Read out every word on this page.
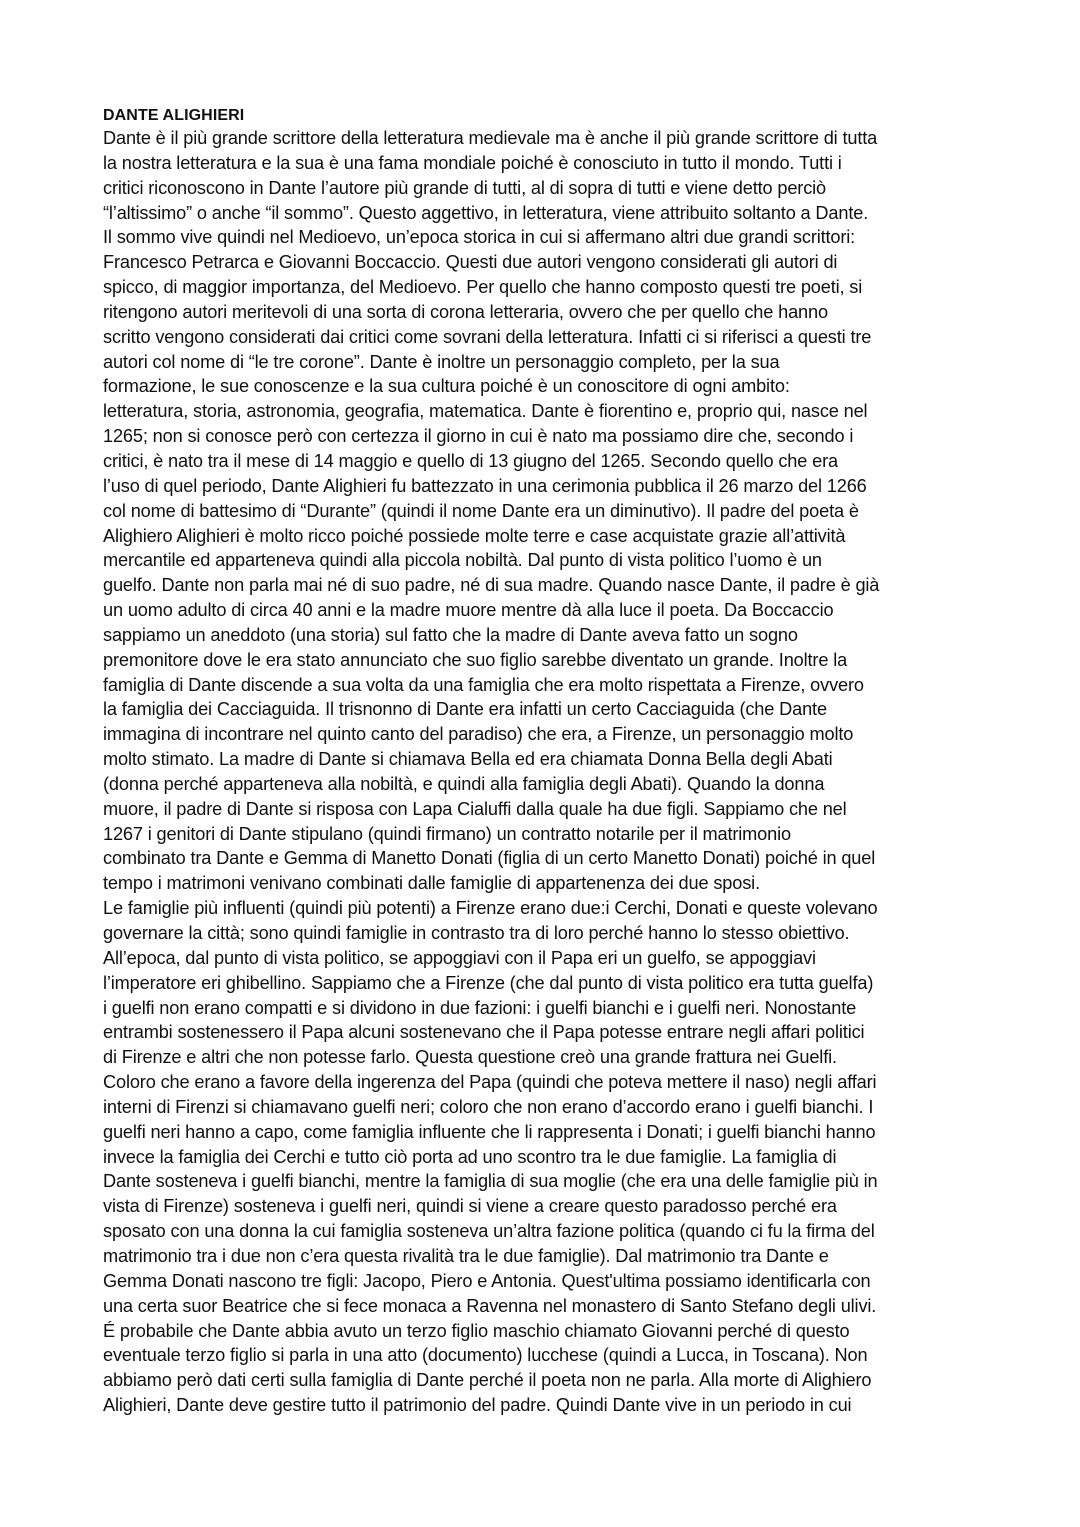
DANTE ALIGHIERI
Dante è il più grande scrittore della letteratura medievale ma è anche il più grande scrittore di tutta
la nostra letteratura e la sua è una fama mondiale poiché è conosciuto in tutto il mondo. Tutti i
critici riconoscono in Dante l’autore più grande di tutti, al di sopra di tutti e viene detto perciò
“l’altissimo” o anche “il sommo”. Questo aggettivo, in letteratura, viene attribuito soltanto a Dante.
Il sommo vive quindi nel Medioevo, un’epoca storica in cui si affermano altri due grandi scrittori:
Francesco Petrarca e Giovanni Boccaccio. Questi due autori vengono considerati gli autori di
spicco, di maggior importanza, del Medioevo. Per quello che hanno composto questi tre poeti, si
ritengono autori meritevoli di una sorta di corona letteraria, ovvero che per quello che hanno
scritto vengono considerati dai critici come sovrani della letteratura. Infatti ci si riferisci a questi tre
autori col nome di “le tre corone”. Dante è inoltre un personaggio completo, per la sua
formazione, le sue conoscenze e la sua cultura poiché è un conoscitore di ogni ambito:
letteratura, storia, astronomia, geografia, matematica. Dante è fiorentino e, proprio qui, nasce nel
1265; non si conosce però con certezza il giorno in cui è nato ma possiamo dire che, secondo i
critici, è nato tra il mese di 14 maggio e quello di 13 giugno del 1265. Secondo quello che era
l’uso di quel periodo, Dante Alighieri fu battezzato in una cerimonia pubblica il 26 marzo del 1266
col nome di battesimo di “Durante” (quindi il nome Dante era un diminutivo). Il padre del poeta è
Alighiero Alighieri è molto ricco poiché possiede molte terre e case acquistate grazie all’attività
mercantile ed apparteneva quindi alla piccola nobiltà. Dal punto di vista politico l’uomo è un
guelfo. Dante non parla mai né di suo padre, né di sua madre. Quando nasce Dante, il padre è già
un uomo adulto di circa 40 anni e la madre muore mentre dà alla luce il poeta. Da Boccaccio
sappiamo un aneddoto (una storia) sul fatto che la madre di Dante aveva fatto un sogno
premonitore dove le era stato annunciato che suo figlio sarebbe diventato un grande. Inoltre la
famiglia di Dante discende a sua volta da una famiglia che era molto rispettata a Firenze, ovvero
la famiglia dei Cacciaguida. Il trisnonno di Dante era infatti un certo Cacciaguida (che Dante
immagina di incontrare nel quinto canto del paradiso) che era, a Firenze, un personaggio molto
molto stimato. La madre di Dante si chiamava Bella ed era chiamata Donna Bella degli Abati
(donna perché apparteneva alla nobiltà, e quindi alla famiglia degli Abati). Quando la donna
muore, il padre di Dante si risposa con Lapa Cialuffi dalla quale ha due figli. Sappiamo che nel
1267 i genitori di Dante stipulano (quindi firmano) un contratto notarile per il matrimonio
combinato tra Dante e Gemma di Manetto Donati (figlia di un certo Manetto Donati) poiché in quel
tempo i matrimoni venivano combinati dalle famiglie di appartenenza dei due sposi.
Le famiglie più influenti (quindi più potenti) a Firenze erano due:i Cerchi, Donati e queste volevano
governare la città; sono quindi famiglie in contrasto tra di loro perché hanno lo stesso obiettivo.
All’epoca, dal punto di vista politico, se appoggiavi con il Papa eri un guelfo, se appoggiavi
l’imperatore eri ghibellino. Sappiamo che a Firenze (che dal punto di vista politico era tutta guelfa)
i guelfi non erano compatti e si dividono in due fazioni: i guelfi bianchi e i guelfi neri. Nonostante
entrambi sostenessero il Papa alcuni sostenevano che il Papa potesse entrare negli affari politici
di Firenze e altri che non potesse farlo. Questa questione creò una grande frattura nei Guelfi.
Coloro che erano a favore della ingerenza del Papa (quindi che poteva mettere il naso) negli affari
interni di Firenzi si chiamavano guelfi neri; coloro che non erano d’accordo erano i guelfi bianchi. I
guelfi neri hanno a capo, come famiglia influente che li rappresenta i Donati; i guelfi bianchi hanno
invece la famiglia dei Cerchi e tutto ciò porta ad uno scontro tra le due famiglie. La famiglia di
Dante sosteneva i guelfi bianchi, mentre la famiglia di sua moglie (che era una delle famiglie più in
vista di Firenze) sosteneva i guelfi neri, quindi si viene a creare questo paradosso perché era
sposato con una donna la cui famiglia sosteneva un’altra fazione politica (quando ci fu la firma del
matrimonio tra i due non c’era questa rivalità tra le due famiglie). Dal matrimonio tra Dante e
Gemma Donati nascono tre figli: Jacopo, Piero e Antonia. Quest'ultima possiamo identificarla con
una certa suor Beatrice che si fece monaca a Ravenna nel monastero di Santo Stefano degli ulivi.
É probabile che Dante abbia avuto un terzo figlio maschio chiamato Giovanni perché di questo
eventuale terzo figlio si parla in una atto (documento) lucchese (quindi a Lucca, in Toscana). Non
abbiamo però dati certi sulla famiglia di Dante perché il poeta non ne parla. Alla morte di Alighiero
Alighieri, Dante deve gestire tutto il patrimonio del padre. Quindi Dante vive in un periodo in cui
